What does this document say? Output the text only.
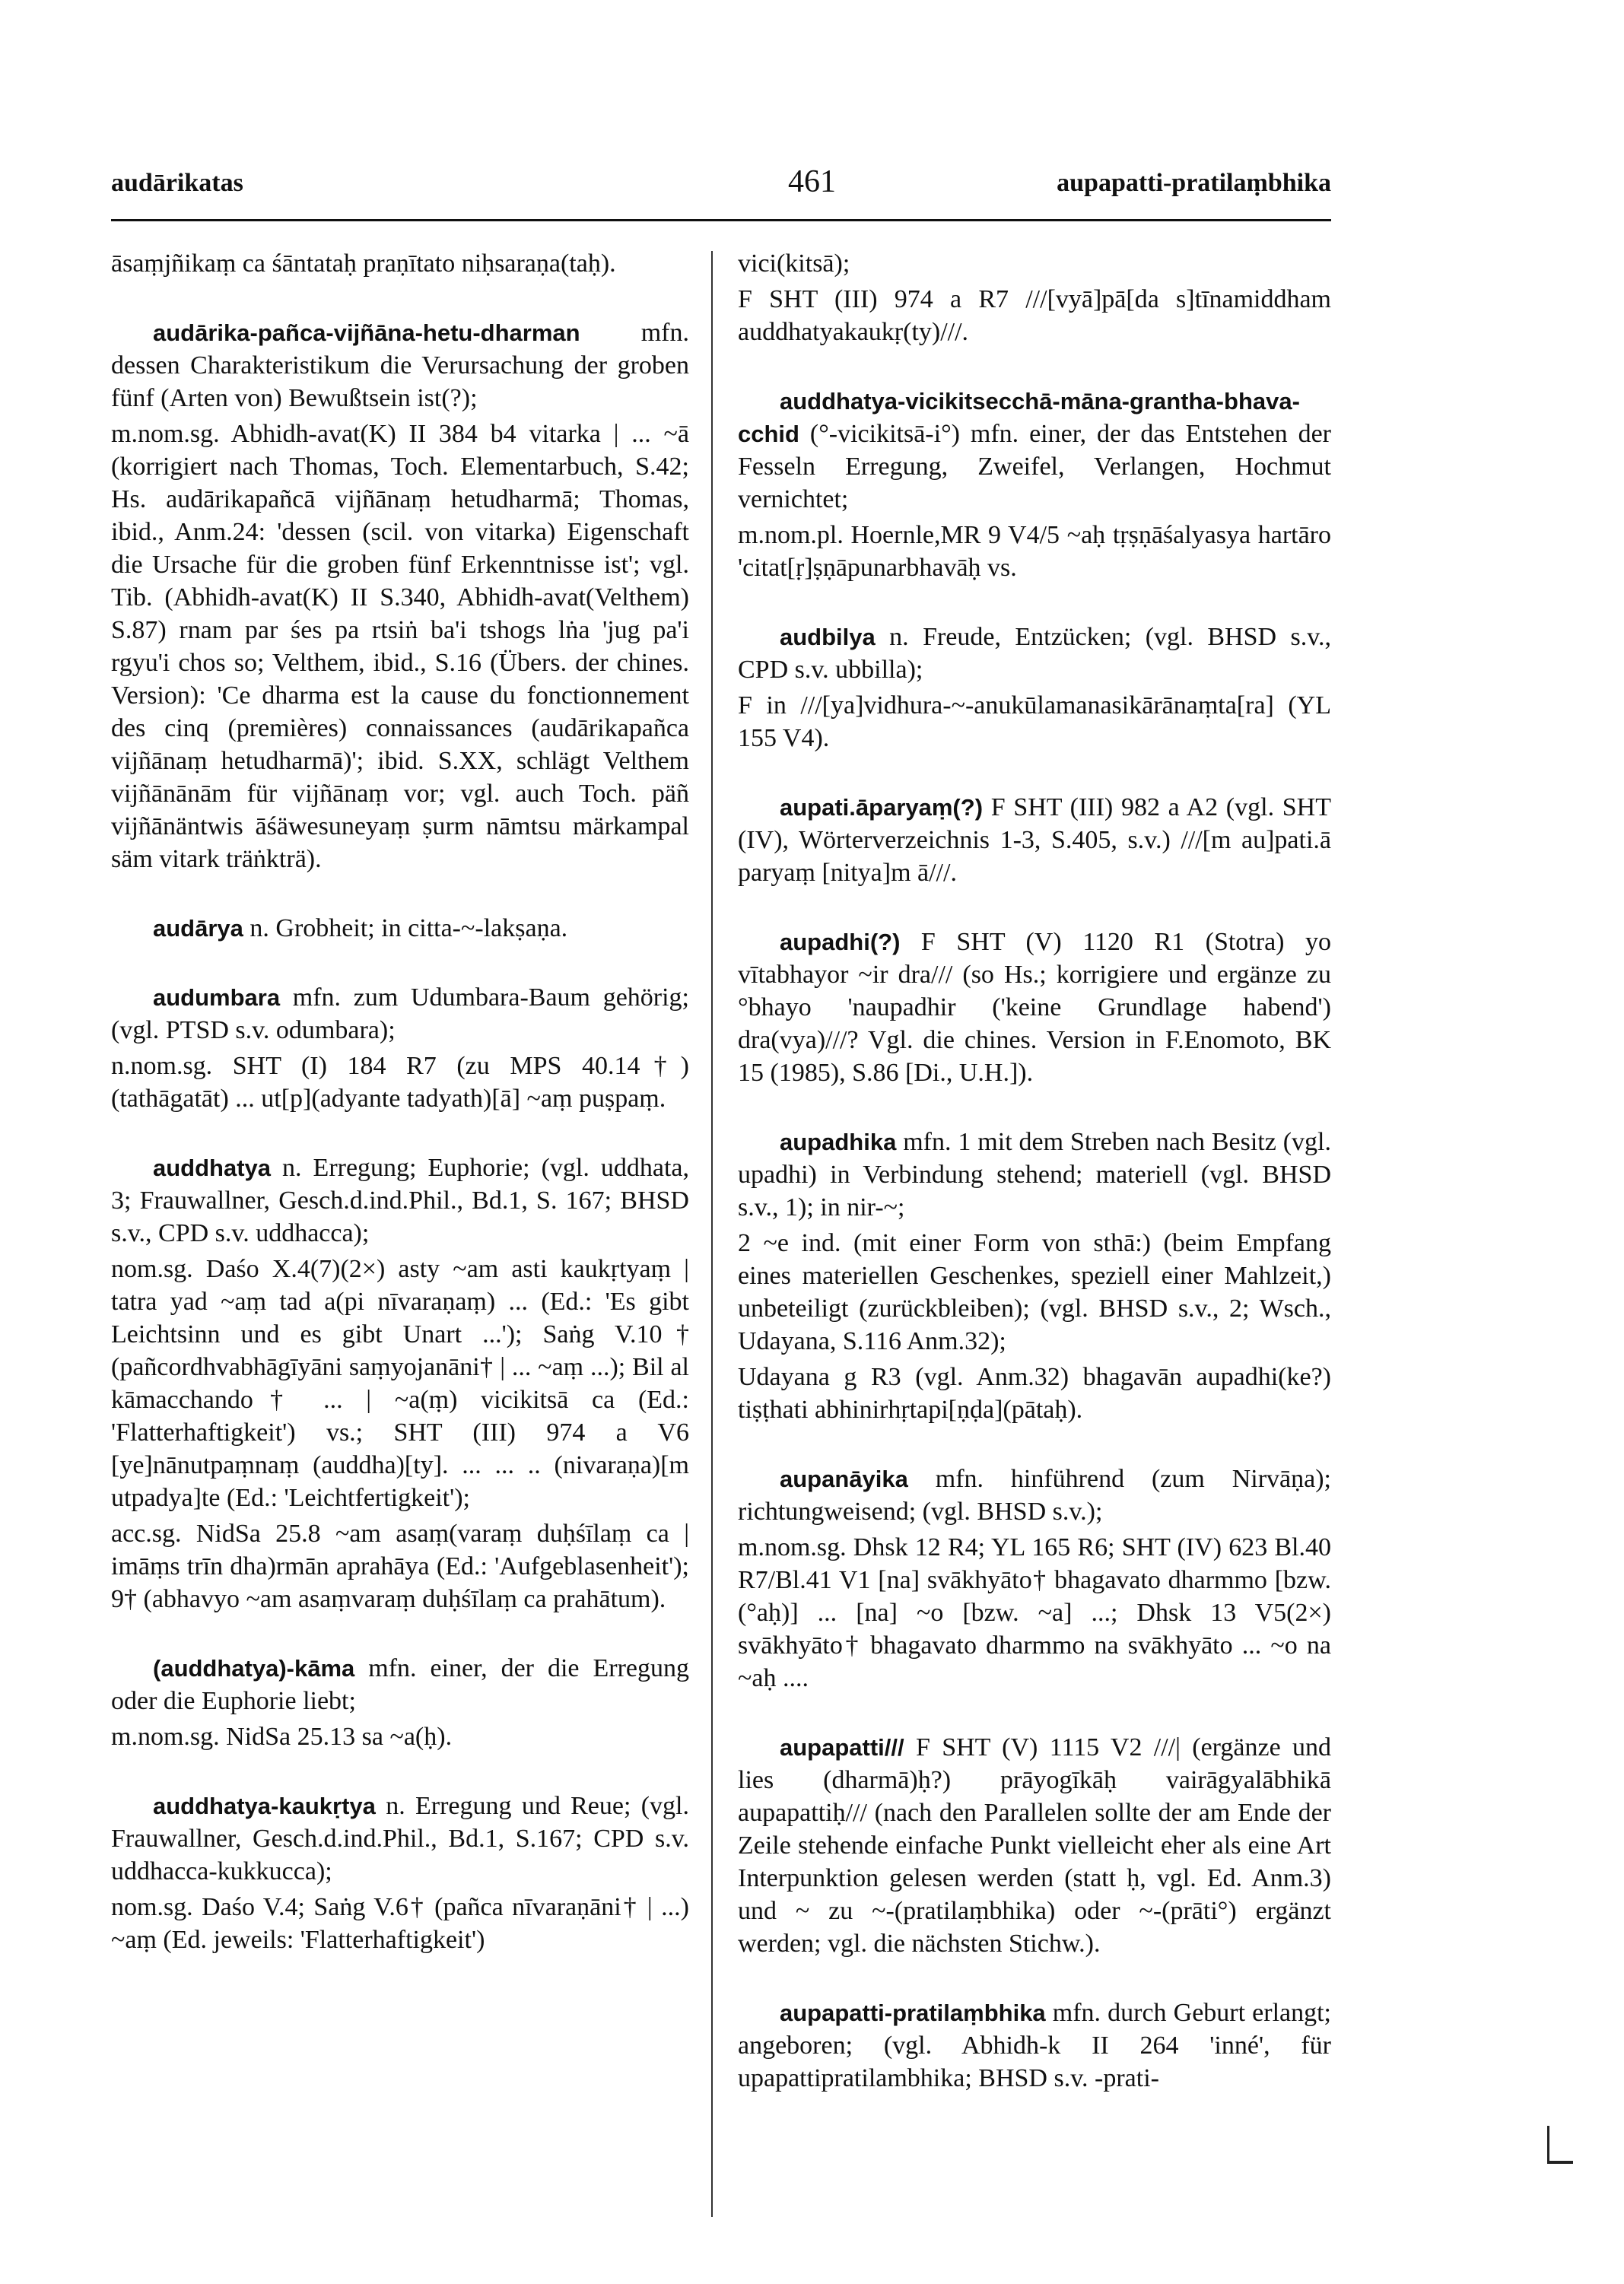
audārikatas	461	aupapatti-pratilaṃbhika

āsaṃjñikaṃ ca śāntataḥ praṇītato niḥsaraṇa(taḥ).

audārika-pañca-vijñāna-hetu-dharman mfn. dessen Charakteristikum die Verursachung der groben fünf (Arten von) Bewußtsein ist(?);

m.nom.sg. Abhidh-avat(K) II 384 b4 vitarka | ... ~ā (korrigiert nach Thomas, Toch. Elementarbuch, S.42; Hs. audārikapañcā vijñānaṃ hetudharmā; Thomas, ibid., Anm.24: 'dessen (scil. von vitarka) Eigenschaft die Ursache für die groben fünf Erkenntnisse ist'; vgl. Tib. (Abhidh-avat(K) II S.340, Abhidh-avat(Velthem) S.87) rnam par śes pa rtsiṅ ba'i tshogs lṅa 'jug pa'i rgyu'i chos so; Velthem, ibid., S.16 (Übers. der chines. Version): 'Ce dharma est la cause du fonctionnement des cinq (premières) connaissances (audārikapañca vijñānaṃ hetudharmā)'; ibid. S.XX, schlägt Velthem vijñānānām für vijñānaṃ vor; vgl. auch Toch. päñ vijñānäntwis āśäwesuneyaṃ ṣurm nāmtsu märkampal säm vitark träṅkträ).

audārya n. Grobheit; in citta-~-lakṣaṇa.

audumbara mfn. zum Udumbara-Baum gehörig; (vgl. PTSD s.v. odumbara);

n.nom.sg. SHT (I) 184 R7 (zu MPS 40.14†) (tathāgatāt) ... ut[p](adyante tadyath)[ā] ~aṃ puṣpaṃ.

auddhatya n. Erregung; Euphorie; (vgl. uddhata, 3; Frauwallner, Gesch.d.ind.Phil., Bd.1, S. 167; BHSD s.v., CPD s.v. uddhacca);

nom.sg. Daśo X.4(7)(2×) asty ~am asti kaukṛtyaṃ | tatra yad ~aṃ tad a(pi nīvaraṇaṃ) ... (Ed.: 'Es gibt Leichtsinn und es gibt Unart ...'); Saṅg V.10† (pañcordhvabhāgīyāni saṃyojanāni† | ... ~aṃ ...); Bil al kāmacchando† ... | ~a(ṃ) vicikitsā ca (Ed.: 'Flatterhaftigkeit') vs.; SHT (III) 974 a V6 [ye]nānutpaṃnaṃ (auddha)[ty]. ... ... .. (nivaraṇa)[m utpadya]te (Ed.: 'Leichtfertigkeit');

acc.sg. NidSa 25.8 ~am asaṃ(varaṃ duḥśīlaṃ ca | imāṃs trīn dha)rmān aprahāya (Ed.: 'Aufgeblasenheit'); 9† (abhavyo ~am asaṃvaraṃ duḥśīlaṃ ca prahātum).

(auddhatya)-kāma mfn. einer, der die Erregung oder die Euphorie liebt;

m.nom.sg. NidSa 25.13 sa ~a(ḥ).

auddhatya-kaukṛtya n. Erregung und Reue; (vgl. Frauwallner, Gesch.d.ind.Phil., Bd.1, S.167; CPD s.v. uddhacca-kukkucca);

nom.sg. Daśo V.4; Saṅg V.6† (pañca nīvaraṇāni† | ...) ~aṃ (Ed. jeweils: 'Flatterhaftigkeit')

vici(kitsā);

F SHT (III) 974 a R7 ///[vyā]pā[da s]tīnamiddham auddhatyakaukṛ(ty)///.

auddhatya-vicikitsecchā-māna-grantha-bhava-cchid (°-vicikitsā-i°) mfn. einer, der das Entstehen der Fesseln Erregung, Zweifel, Verlangen, Hochmut vernichtet;

m.nom.pl. Hoernle,MR 9 V4/5 ~aḥ tṛṣṇāśalyasya hartāro 'citat[ṛ]ṣṇāpunarbhavāḥ vs.

audbilya n. Freude, Entzücken; (vgl. BHSD s.v., CPD s.v. ubbilla);

F in ///[ya]vidhura-~-anukūlamanasikārānaṃta[ra] (YL 155 V4).

aupati.āparyaṃ(?) F SHT (III) 982 a A2 (vgl. SHT (IV), Wörterverzeichnis 1-3, S.405, s.v.) ///[m au]pati.ā paryaṃ [nitya]m ā///.

aupadhi(?) F SHT (V) 1120 R1 (Stotra) yo vītabhayor ~ir dra/// (so Hs.; korrigiere und ergänze zu °bhayo 'naupadhir ('keine Grundlage habend') dra(vya)///? Vgl. die chines. Version in F.Enomoto, BK 15 (1985), S.86 [Di., U.H.]).

aupadhika mfn. 1 mit dem Streben nach Besitz (vgl. upadhi) in Verbindung stehend; materiell (vgl. BHSD s.v., 1); in nir-~;

2 ~e ind. (mit einer Form von sthā:) (beim Empfang eines materiellen Geschenkes, speziell einer Mahlzeit,) unbeteiligt (zurückbleiben); (vgl. BHSD s.v., 2; Wsch., Udayana, S.116 Anm.32);

Udayana g R3 (vgl. Anm.32) bhagavān aupadhi(ke?) tiṣṭhati abhinirhṛtapi[ṇḍa](pātaḥ).

aupanāyika mfn. hinführend (zum Nirvāṇa); richtungweisend; (vgl. BHSD s.v.);

m.nom.sg. Dhsk 12 R4; YL 165 R6; SHT (IV) 623 Bl.40 R7/Bl.41 V1 [na] svākhyāto† bhagavato dharmmo [bzw. (°aḥ)] ... [na] ~o [bzw. ~a] ...; Dhsk 13 V5(2×) svākhyāto† bhagavato dharmmo na svākhyāto ... ~o na ~aḥ ....

aupapatti/// F SHT (V) 1115 V2 ///| (ergänze und lies (dharmā)ḥ?) prāyogīkāḥ vairāgyalābhikā aupapattiḥ/// (nach den Parallelen sollte der am Ende der Zeile stehende einfache Punkt vielleicht eher als eine Art Interpunktion gelesen werden (statt ḥ, vgl. Ed. Anm.3) und ~ zu ~-(pratilaṃbhika) oder ~-(prāti°) ergänzt werden; vgl. die nächsten Stichw.).

aupapatti-pratilaṃbhika mfn. durch Geburt erlangt; angeboren; (vgl. Abhidh-k II 264 'inné', für upapattipratilambhika; BHSD s.v. -prati-
